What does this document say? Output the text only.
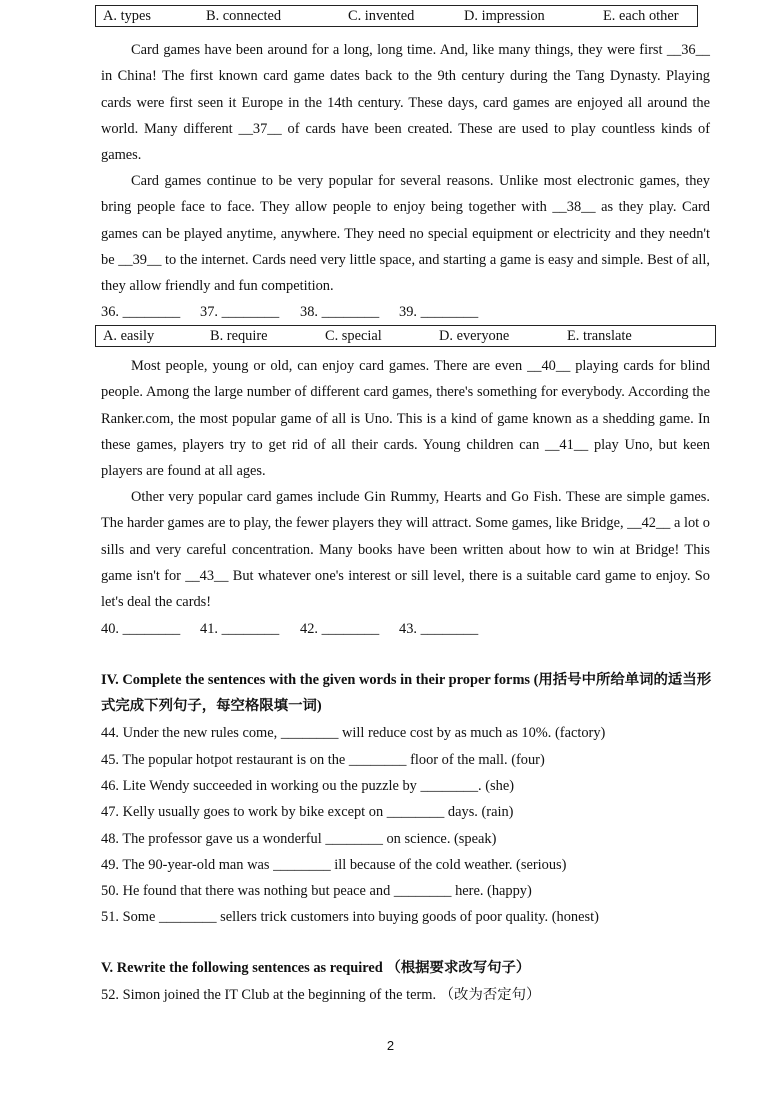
A. types	B. connected	C. invented	D. impression	E. each other

Card games have been around for a long, long time. And, like many things, they were first __36__ in China! The first known card game dates back to the 9th century during the Tang Dynasty. Playing cards were first seen it Europe in the 14th century. These days, card games are enjoyed all around the world. Many different __37__ of cards have been created. These are used to play countless kinds of games.

Card games continue to be very popular for several reasons. Unlike most electronic games, they bring people face to face. They allow people to enjoy being together with __38__ as they play. Card games can be played anytime, anywhere. They need no special equipment or electricity and they needn't be __39__ to the internet. Cards need very little space, and starting a game is easy and simple. Best of all, they allow friendly and fun competition.

36. ________ 37. ________ 38. ________ 39. ________
A. easily	B. require	C. special	D. everyone	E. translate

Most people, young or old, can enjoy card games. There are even __40__ playing cards for blind people. Among the large number of different card games, there's something for everybody. According the Ranker.com, the most popular game of all is Uno. This is a kind of game known as a shedding game. In these games, players try to get rid of all their cards. Young children can __41__ play Uno, but keen players are found at all ages.

Other very popular card games include Gin Rummy, Hearts and Go Fish. These are simple games. The harder games are to play, the fewer players they will attract. Some games, like Bridge, __42__ a lot o sills and very careful concentration. Many books have been written about how to win at Bridge! This game isn't for __43__ But whatever one's interest or sill level, there is a suitable card game to enjoy. So let's deal the cards!

40. ________ 41. ________ 42. ________ 43. ________

IV. Complete the sentences with the given words in their proper forms (用括号中所给单词的适当形式完成下列句子，每空格限填一词)

44. Under the new rules come, ________ will reduce cost by as much as 10%. (factory)
45. The popular hotpot restaurant is on the ________ floor of the mall. (four)
46. Lite Wendy succeeded in working ou the puzzle by ________. (she)
47. Kelly usually goes to work by bike except on ________ days. (rain)
48. The professor gave us a wonderful ________ on science. (speak)
49. The 90-year-old man was ________ ill because of the cold weather. (serious)
50. He found that there was nothing but peace and ________ here. (happy)
51. Some ________ sellers trick customers into buying goods of poor quality. (honest)

V. Rewrite the following sentences as required （根据要求改写句子）

52. Simon joined the IT Club at the beginning of the term. （改为否定句）
2
